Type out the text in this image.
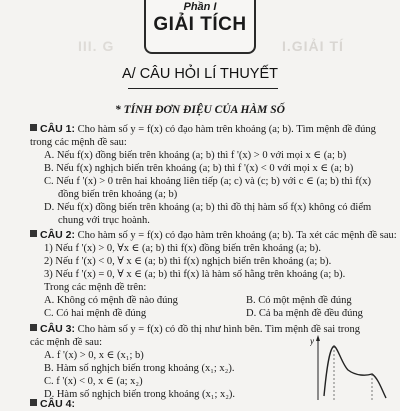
III. G	I.GIẢI TÍ
Phần I
GIẢI TÍCH
A/ CÂU HỎI LÍ THUYẾT
* TÍNH ĐƠN ĐIỆU CỦA HÀM SỐ
CÂU 1: Cho hàm số y = f(x) có đạo hàm trên khoảng (a; b). Tìm mệnh đề đúng
trong các mệnh đề sau:
A. Nếu f(x) đồng biến trên khoảng (a; b) thì f '(x) > 0 với mọi x ∈ (a; b)
B. Nếu f(x) nghịch biến trên khoảng (a; b) thì f '(x) < 0 với mọi x ∈ (a; b)
C. Nếu f '(x) > 0 trên hai khoảng liên tiếp (a; c) và (c; b) với c ∈ (a; b) thì f(x)
đồng biến trên khoảng (a; b)
D. Nếu f(x) đồng biến trên khoảng (a; b) thì đồ thị hàm số f(x) không có điểm
chung với trục hoành.
CÂU 2: Cho hàm số y = f(x) có đạo hàm trên khoảng (a; b). Ta xét các mệnh đề sau:
1) Nếu f '(x) > 0, ∀x ∈ (a; b) thì f(x) đồng biến trên khoảng (a; b).
2) Nếu f '(x) < 0, ∀ x ∈ (a; b) thì f(x) nghịch biến trên khoảng (a; b).
3) Nếu f '(x) = 0, ∀ x ∈ (a; b) thì f(x) là hàm số hằng trên khoảng (a; b).
Trong các mệnh đề trên:
A. Không có mệnh đề nào đúng	B. Có một mệnh đề đúng
C. Có hai mệnh đề đúng	D. Cả ba mệnh đề đều đúng
CÂU 3: Cho hàm số y = f(x) có đồ thị như hình bên. Tìm mệnh đề sai trong
các mệnh đề sau:
A. f '(x) > 0, x ∈ (x₁; b)
B. Hàm số nghịch biến trong khoảng (x₁; x₂).
C. f '(x) < 0, x ∈ (a; x₂)
D. Hàm số nghịch biến trong khoảng (x₁; x₂).
CÂU 4:
y
